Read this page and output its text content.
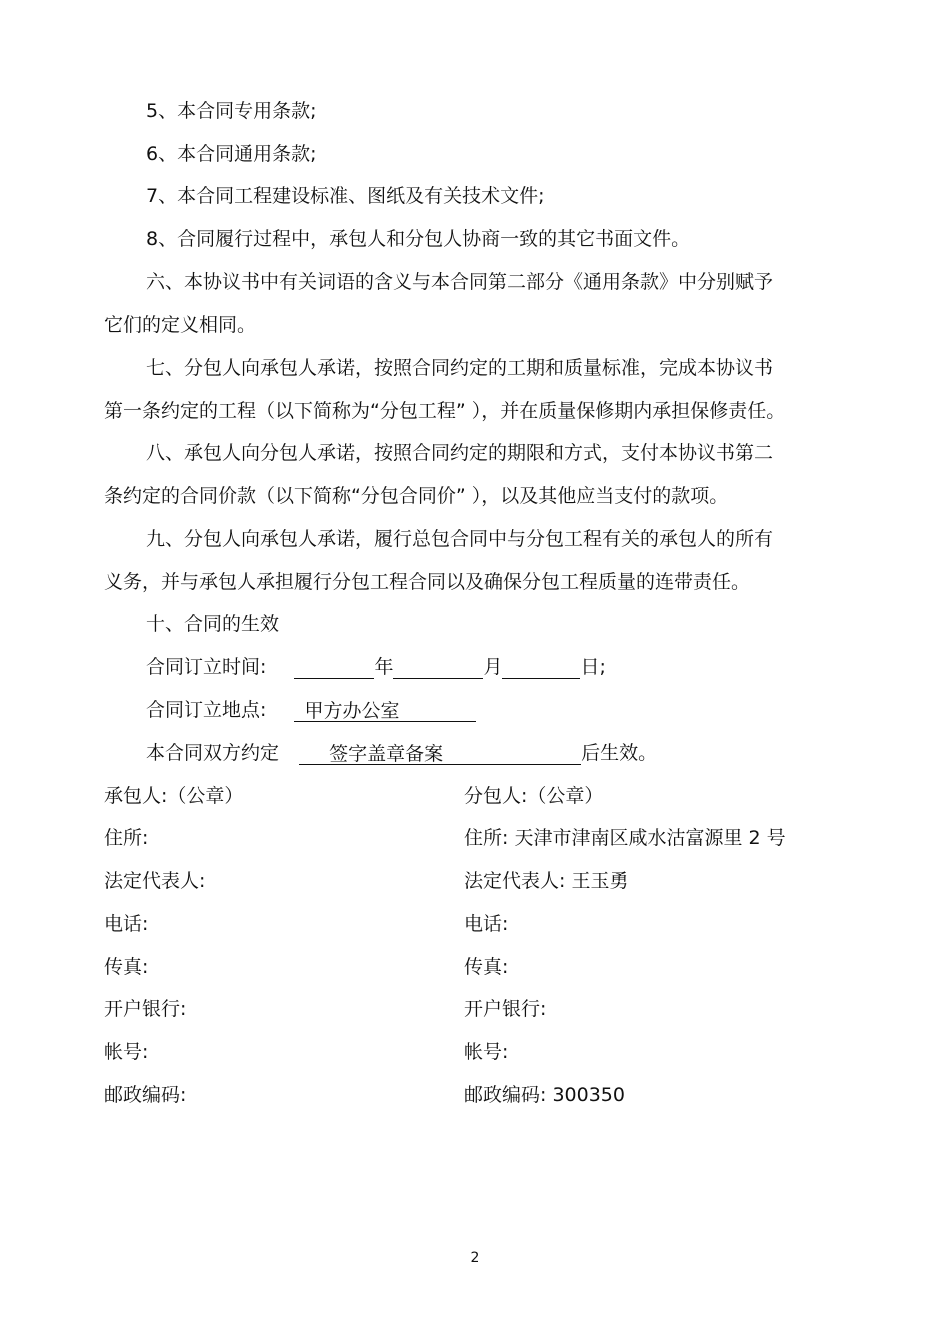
5、本合同专用条款;
6、本合同通用条款;
7、本合同工程建设标准、图纸及有关技术文件;
8、合同履行过程中，承包人和分包人协商一致的其它书面文件。
六、本协议书中有关词语的含义与本合同第二部分《通用条款》中分别赋予
它们的定义相同。
七、分包人向承包人承诺，按照合同约定的工期和质量标准，完成本协议书
第一条约定的工程（以下简称为“分包工程” ），并在质量保修期内承担保修责任。
八、承包人向分包人承诺，按照合同约定的期限和方式，支付本协议书第二
条约定的合同价款（以下简称“分包合同价” ），以及其他应当支付的款项。
九、分包人向承包人承诺，履行总包合同中与分包工程有关的承包人的所有
义务，并与承包人承担履行分包工程合同以及确保分包工程质量的连带责任。
十、合同的生效
合同订立时间:	年	月	日;
合同订立地点: 甲方办公室
本合同双方约定	签字盖章备案	后生效。
承包人:（公章）
住所:
法定代表人:
电话:
传真:
开户银行:
帐号:
邮政编码:
分包人:（公章）
住所: 天津市津南区咸水沽富源里 2 号
法定代表人: 王玉勇
电话:
传真:
开户银行:
帐号:
邮政编码: 300350
2
